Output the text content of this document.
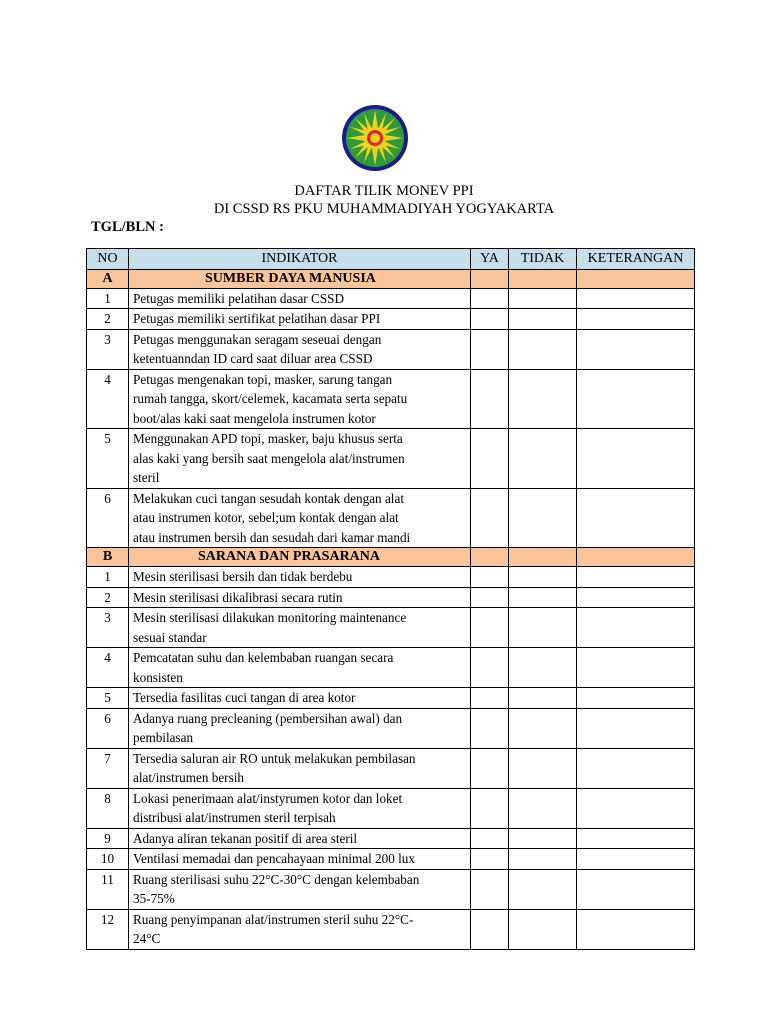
DAFTAR TILIK MONEV PPI
DI CSSD RS PKU MUHAMMADIYAH YOGYAKARTA
TGL/BLN :
NO	INDIKATOR	YA	TIDAK	KETERANGAN
A	SUMBER DAYA MANUSIA			
1	Petugas memiliki pelatihan dasar CSSD			

2	Petugas memiliki sertifikat pelatihan dasar PPI			

3	Petugas menggunakan seragam seseuai dengan
ketentuanndan ID card saat diluar area CSSD			

4	Petugas mengenakan topi, masker, sarung tangan
rumah tangga, skort/celemek, kacamata serta sepatu
boot/alas kaki saat mengelola instrumen kotor			

5	Menggunakan APD topi, masker, baju khusus serta
alas kaki yang bersih saat mengelola alat/instrumen
steril			

6	Melakukan cuci tangan sesudah kontak dengan alat
atau instrumen kotor, sebel;um kontak dengan alat
atau instrumen bersih dan sesudah dari kamar mandi			

B	SARANA DAN PRASARANA			
1	Mesin sterilisasi bersih dan tidak berdebu			

2	Mesin sterilisasi dikalibrasi secara rutin			

3	Mesin sterilisasi dilakukan monitoring maintenance
sesuai standar			

4	Pemcatatan suhu dan kelembaban ruangan secara
konsisten			

5	Tersedia fasilitas cuci tangan di area kotor			

6	Adanya ruang precleaning (pembersihan awal) dan
pembilasan			

7	Tersedia saluran air RO untuk melakukan pembilasan
alat/instrumen bersih			

8	Lokasi penerimaan alat/instyrumen kotor dan loket
distribusi alat/instrumen steril terpisah			

9	Adanya aliran tekanan positif di area steril			

10	Ventilasi memadai dan pencahayaan minimal 200 lux			

11	Ruang sterilisasi suhu 22°C-30°C dengan kelembaban
35-75%			

12	Ruang penyimpanan alat/instrumen steril suhu 22°C-
24°C			
